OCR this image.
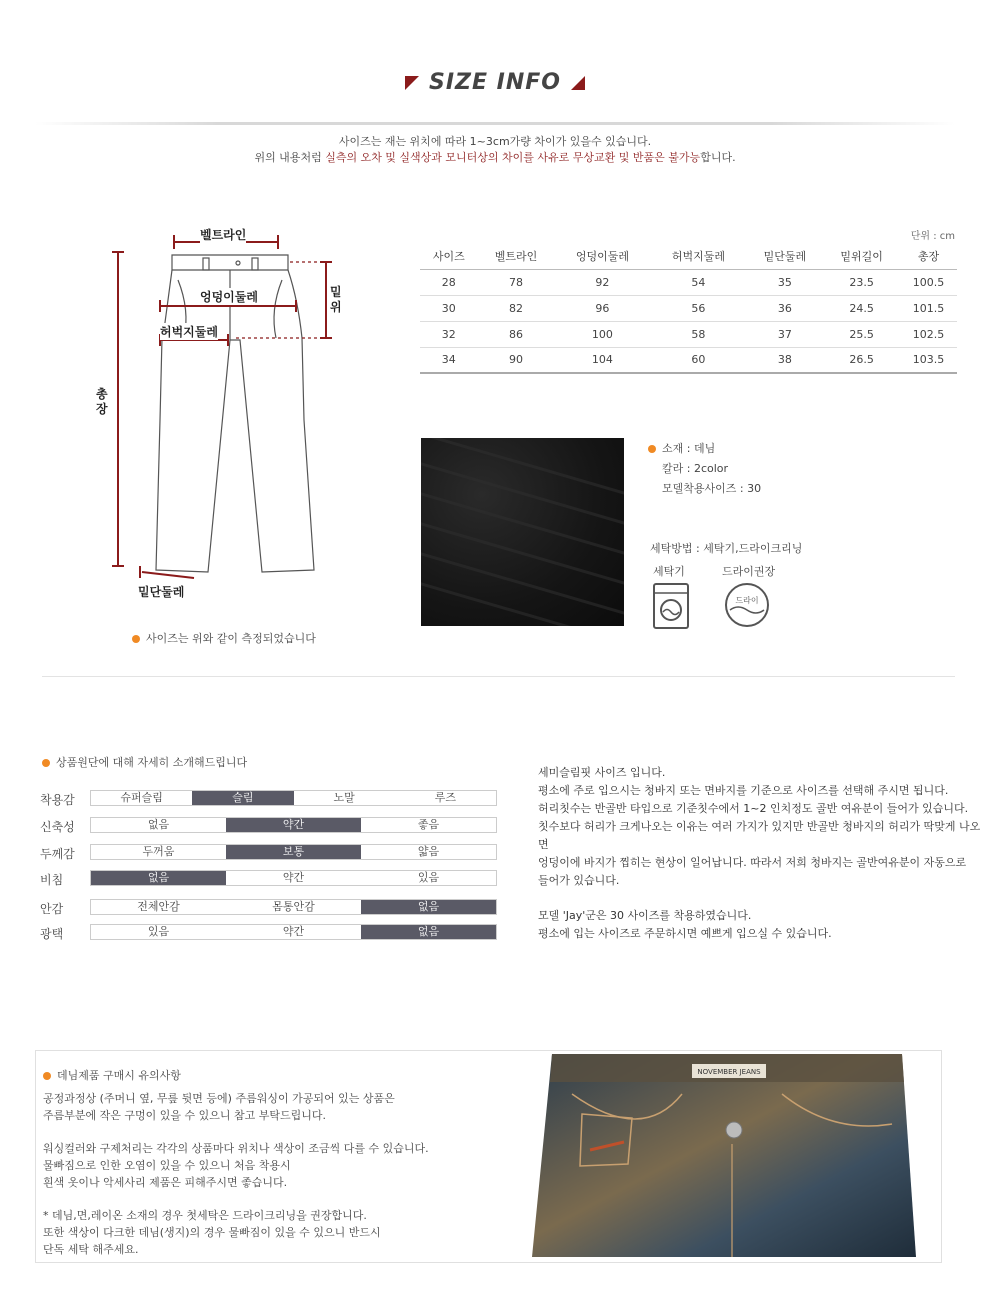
SIZE INFO
사이즈는 재는 위치에 따라 1~3cm가량 차이가 있을수 있습니다.
위의 내용처럼 실측의 오차 및 실색상과 모니터상의 차이를 사유로 무상교환 및 반품은 불가능합니다.
벨트라인
엉덩이둘레
허벅지둘레
밑
위
총
장
밑단둘레
사이즈는 위와 같이 측정되었습니다
단위 : cm
사이즈	벨트라인	엉덩이둘레	허벅지둘레	밑단둘레	밑위길이	총장
28	78	92	54	35	23.5	100.5
30	82	96	56	36	24.5	101.5
32	86	100	58	37	25.5	102.5
34	90	104	60	38	26.5	103.5
소재 : 데님
칼라 : 2color
모델착용사이즈 : 30
세탁방법 : 세탁기,드라이크리닝
세탁기	드라이권장
드라이
상품원단에 대해 자세히 소개해드립니다
착용감	슈퍼슬림	슬림	노말	루즈
신축성	없음	약간	좋음
두께감	두꺼움	보통	얇음
비침	없음	약간	있음
안감	전체안감	몸통안감	없음
광택	있음	약간	없음
세미슬림핏 사이즈 입니다.
평소에 주로 입으시는 청바지 또는 면바지를 기준으로 사이즈를 선택해 주시면 됩니다.
허리칫수는 반골반 타입으로 기준칫수에서 1~2 인치정도 골반 여유분이 들어가 있습니다.
칫수보다 허리가 크게나오는 이유는 여러 가지가 있지만 반골반 청바지의 허리가 딱맞게 나오면
엉덩이에 바지가 찝히는 현상이 일어납니다. 따라서 저희 청바지는 골반여유분이 자동으로
들어가 있습니다.
모델 'Jay'군은 30 사이즈를 착용하였습니다.
평소에 입는 사이즈로 주문하시면 예쁘게 입으실 수 있습니다.
데님제품 구매시 유의사항
공정과정상 (주머니 옆, 무릎 뒷면 등에) 주름워싱이 가공되어 있는 상품은
주름부분에 작은 구멍이 있을 수 있으니 참고 부탁드립니다.
워싱컬러와 구제처리는 각각의 상품마다 위치나 색상이 조금씩 다를 수 있습니다.
물빠짐으로 인한 오염이 있을 수 있으니 처음 착용시
흰색 옷이나 악세사리 제품은 피해주시면 좋습니다.
* 데님,면,레이온 소재의 경우 첫세탁은 드라이크리닝을 권장합니다.
또한 색상이 다크한 데님(생지)의 경우 물빠짐이 있을 수 있으니 반드시
단독 세탁 해주세요.
NOVEMBER JEANS
